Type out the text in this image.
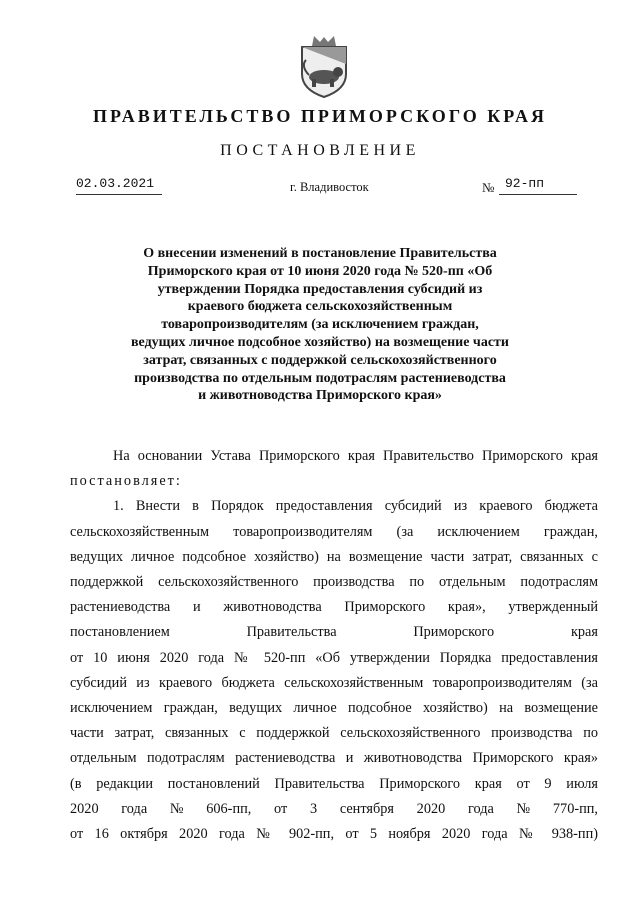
ПРАВИТЕЛЬСТВО ПРИМОРСКОГО КРАЯ
ПОСТАНОВЛЕНИЕ
02.03.2021	г. Владивосток	№ 92-пп
О внесении изменений в постановление Правительства
Приморского края от 10 июня 2020 года № 520-пп «Об
утверждении Порядка предоставления субсидий из
краевого бюджета сельскохозяйственным
товаропроизводителям (за исключением граждан,
ведущих личное подсобное хозяйство) на возмещение части
затрат, связанных с поддержкой сельскохозяйственного
производства по отдельным подотраслям растениеводства
и животноводства Приморского края»

На основании Устава Приморского края Правительство Приморского края

постановляет:

1. Внести в Порядок предоставления субсидий из краевого бюджета

сельскохозяйственным товаропроизводителям (за исключением граждан,

ведущих личное подсобное хозяйство) на возмещение части затрат, связанных с

поддержкой сельскохозяйственного производства по отдельным подотраслям

растениеводства и животноводства Приморского края», утвержденный

постановлением	Правительства	Приморского	края

от 10 июня 2020 года № 520-пп «Об утверждении Порядка предоставления

субсидий из краевого бюджета сельскохозяйственным товаропроизводителям (за

исключением граждан, ведущих личное подсобное хозяйство) на возмещение

части затрат, связанных с поддержкой сельскохозяйственного производства по

отдельным подотраслям растениеводства и животноводства Приморского края»

(в редакции постановлений Правительства Приморского края от 9 июля

2020 года № 606-пп, от 3 сентября 2020 года № 770-пп,

от 16 октября 2020 года № 902-пп, от 5 ноября 2020 года № 938-пп)
